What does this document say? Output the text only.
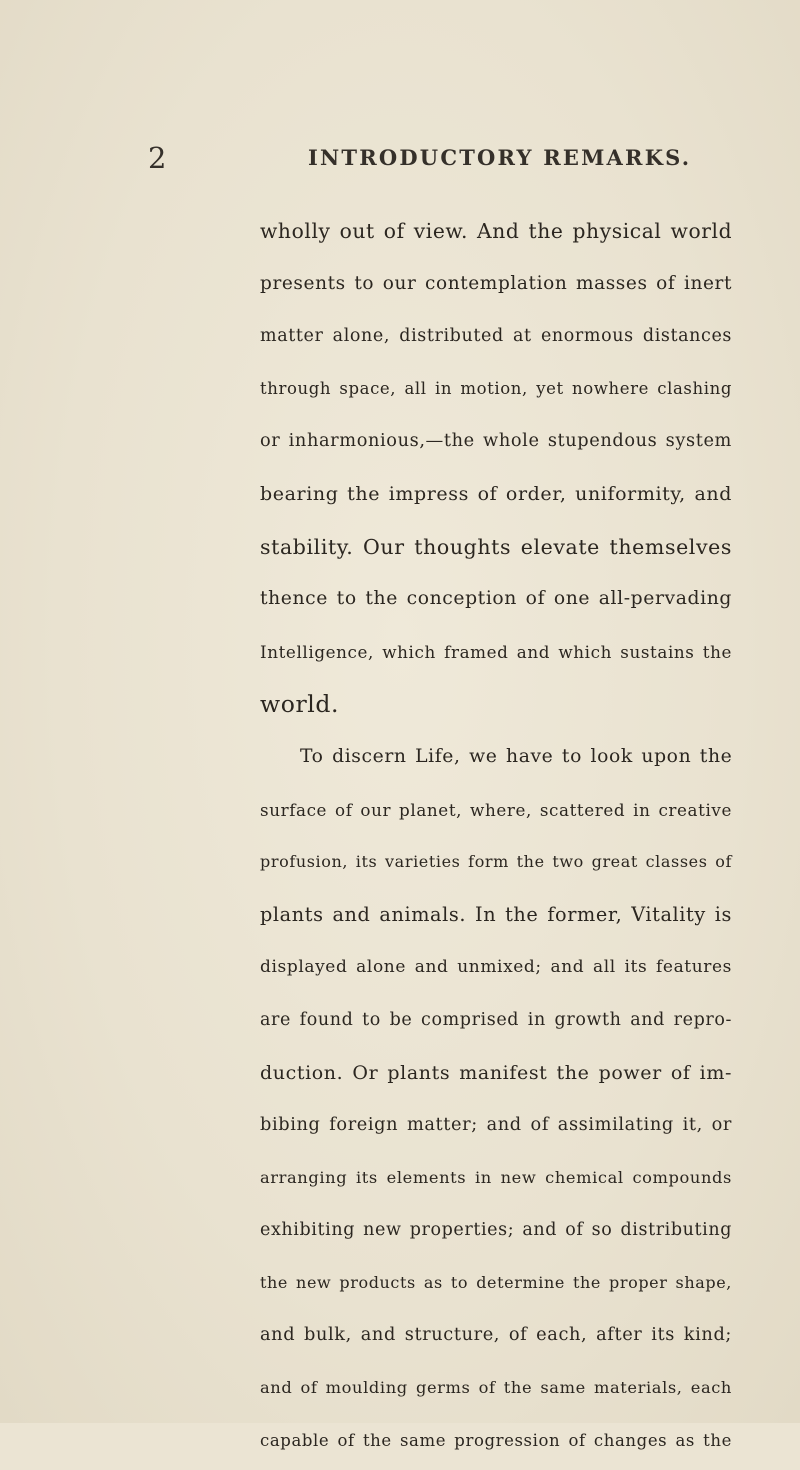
2	INTRODUCTORY REMARKS.
wholly out of view. And the physical world
presents to our contemplation masses of inert
matter alone, distributed at enormous distances
through space, all in motion, yet nowhere clashing
or inharmonious,—the whole stupendous system
bearing the impress of order, uniformity, and
stability. Our thoughts elevate themselves
thence to the conception of one all-pervading
Intelligence, which framed and which sustains the
world.
To discern Life, we have to look upon the
surface of our planet, where, scattered in creative
profusion, its varieties form the two great classes of
plants and animals. In the former, Vitality is
displayed alone and unmixed; and all its features
are found to be comprised in growth and repro-
duction. Or plants manifest the power of im-
bibing foreign matter; and of assimilating it, or
arranging its elements in new chemical compounds
exhibiting new properties; and of so distributing
the new products as to determine the proper shape,
and bulk, and structure, of each, after its kind;
and of moulding germs of the same materials, each
capable of the same progression of changes as the
